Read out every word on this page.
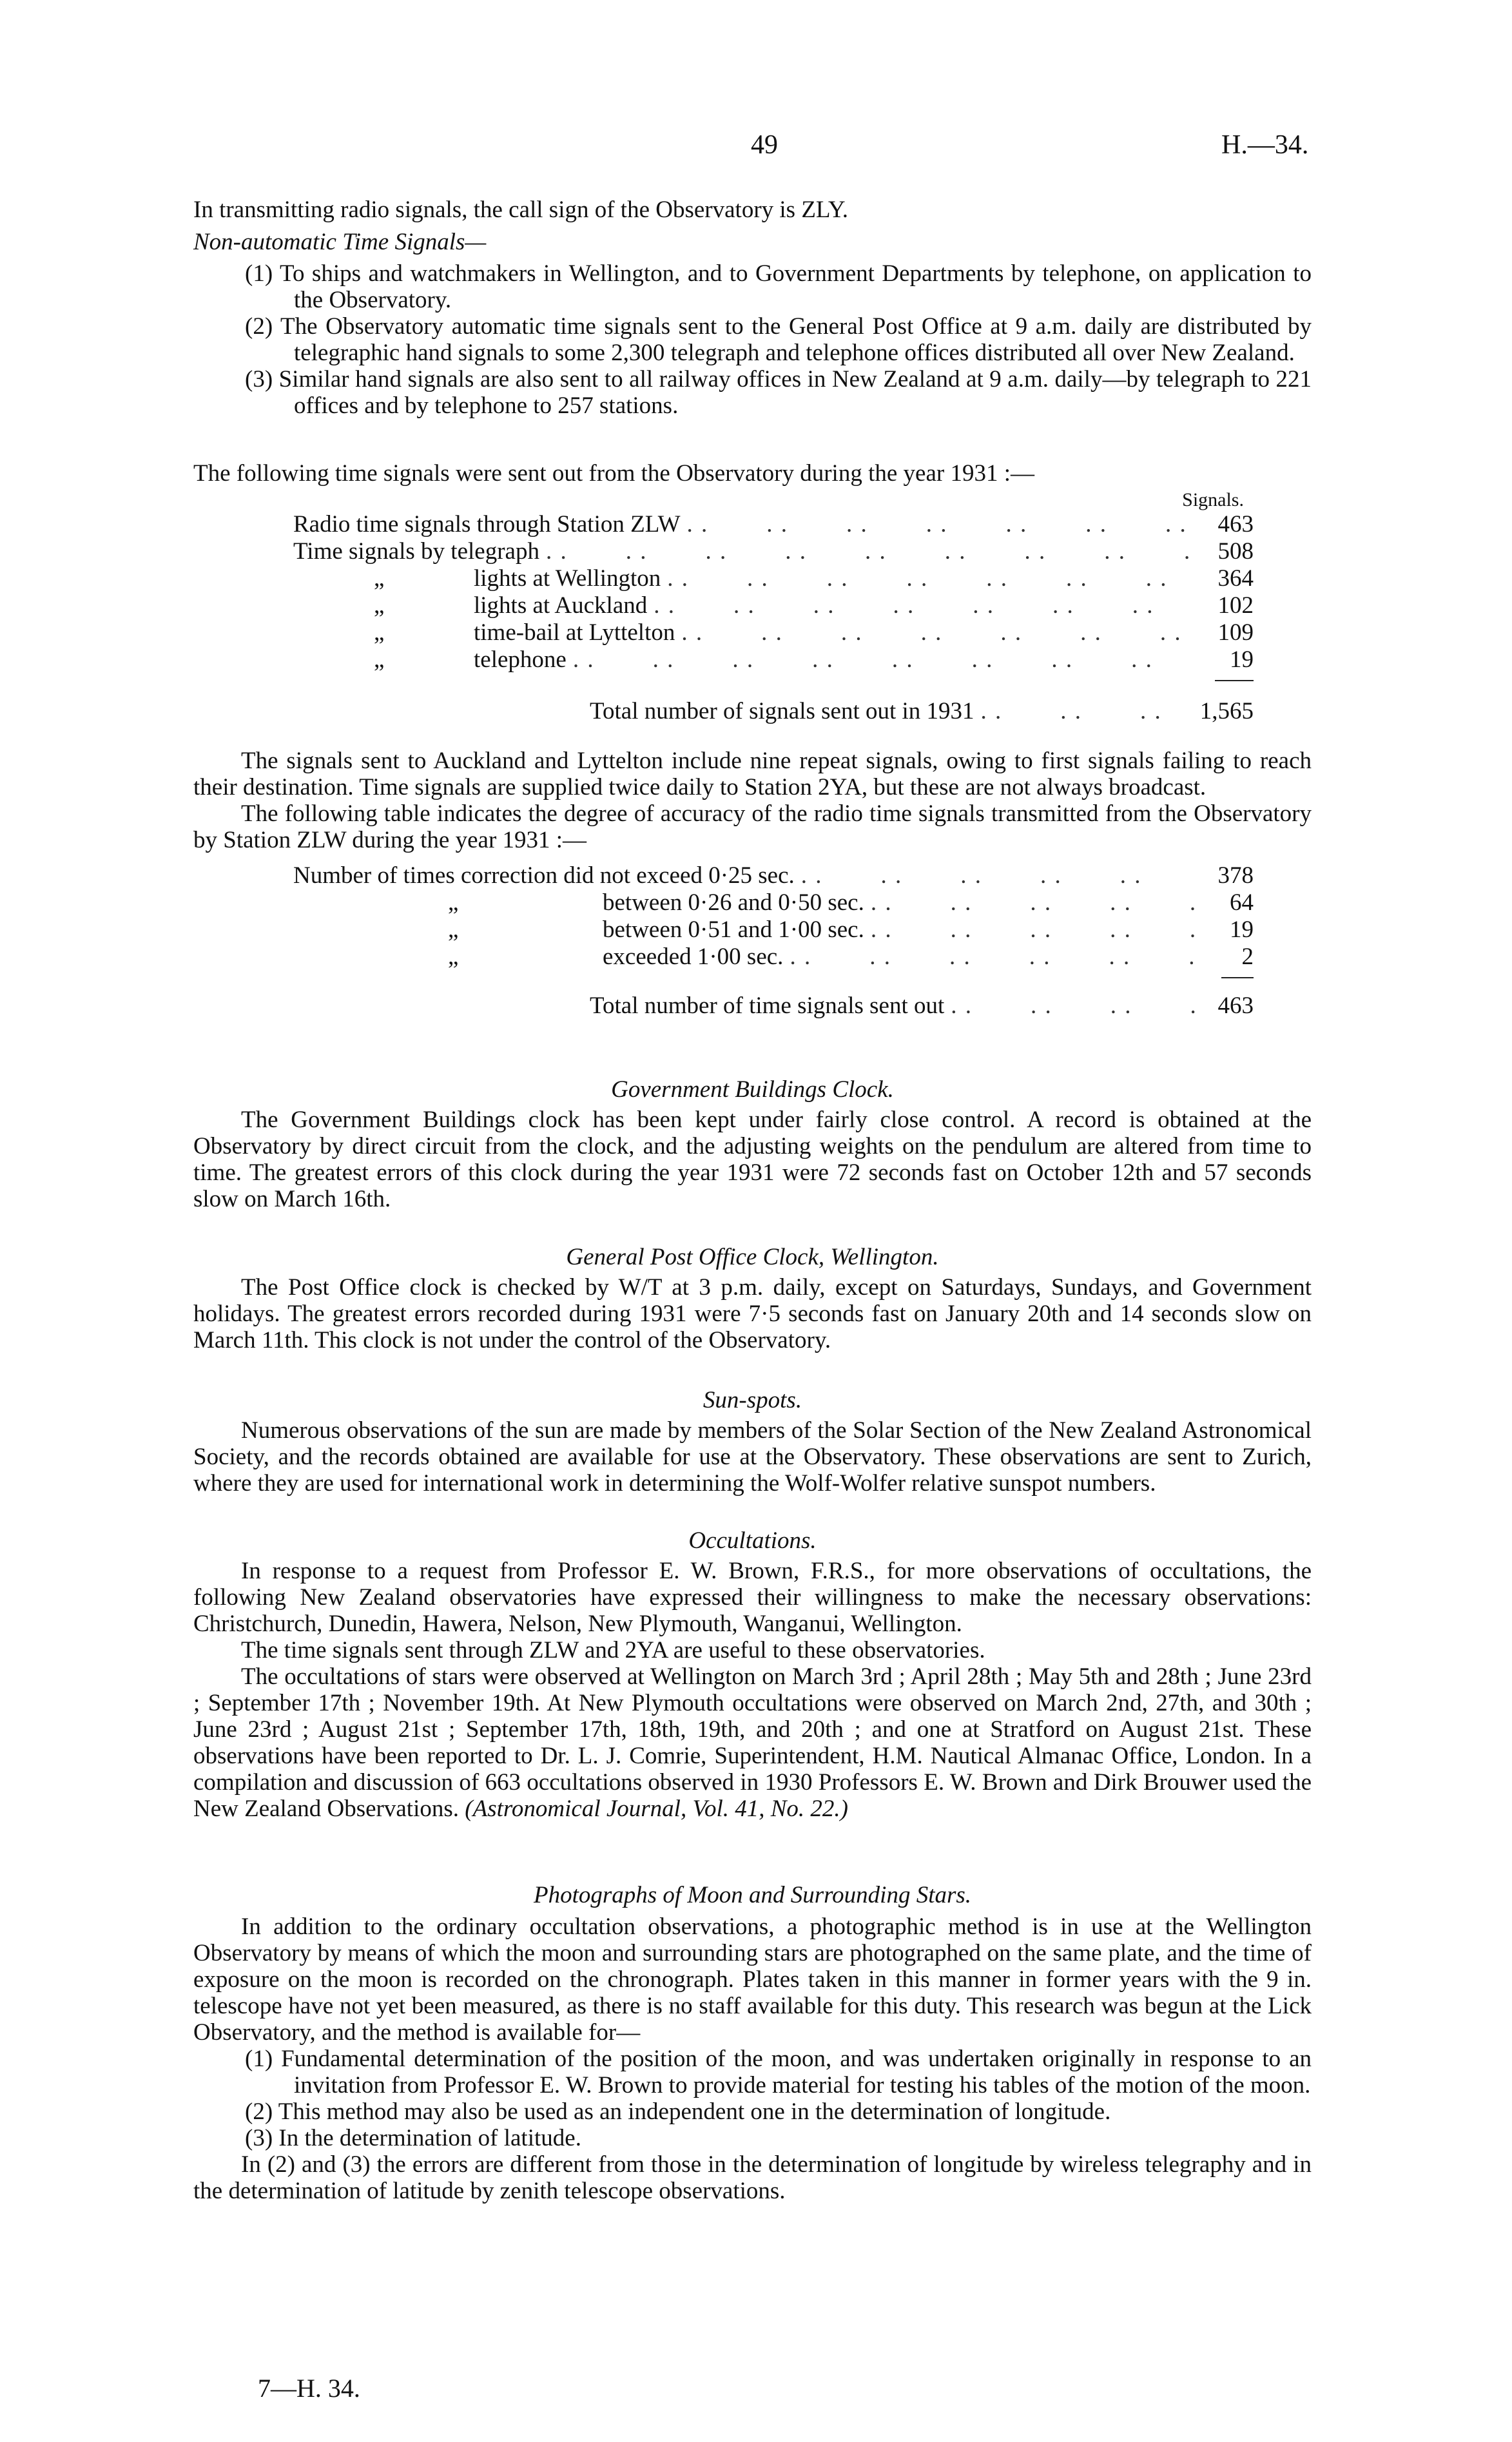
49	H.—34.

In transmitting radio signals, the call sign of the Observatory is ZLY.

Non-automatic Time Signals—

(1) To ships and watchmakers in Wellington, and to Government Departments by telephone, on application to the Observatory.

(2) The Observatory automatic time signals sent to the General Post Office at 9 a.m. daily are distributed by telegraphic hand signals to some 2,300 telegraph and telephone offices distributed all over New Zealand.

(3) Similar hand signals are also sent to all railway offices in New Zealand at 9 a.m. daily—by telegraph to 221 offices and by telephone to 257 stations.

The following time signals were sent out from the Observatory during the year 1931 :—

Signals.
Radio time signals through Station ZLW . .	463
Time signals by telegraph . .	508
„	lights at Wellington . .	364
„	lights at Auckland . .	102
„	time-bail at Lyttelton . .	109
„	telephone . .	19
Total number of signals sent out in 1931 . .	1,565

The signals sent to Auckland and Lyttelton include nine repeat signals, owing to first signals failing to reach their destination. Time signals are supplied twice daily to Station 2YA, but these are not always broadcast.

The following table indicates the degree of accuracy of the radio time signals transmitted from the Observatory by Station ZLW during the year 1931 :—

Number of times correction did not exceed 0·25 sec. . .	378
„	between 0·26 and 0·50 sec. . .	64
„	between 0·51 and 1·00 sec. . .	19
„	exceeded 1·00 sec. . .	2
Total number of time signals sent out . .	463

Government Buildings Clock.

The Government Buildings clock has been kept under fairly close control. A record is obtained at the Observatory by direct circuit from the clock, and the adjusting weights on the pendulum are altered from time to time. The greatest errors of this clock during the year 1931 were 72 seconds fast on October 12th and 57 seconds slow on March 16th.

General Post Office Clock, Wellington.

The Post Office clock is checked by W/T at 3 p.m. daily, except on Saturdays, Sundays, and Government holidays. The greatest errors recorded during 1931 were 7·5 seconds fast on January 20th and 14 seconds slow on March 11th. This clock is not under the control of the Observatory.

Sun-spots.

Numerous observations of the sun are made by members of the Solar Section of the New Zealand Astronomical Society, and the records obtained are available for use at the Observatory. These observations are sent to Zurich, where they are used for international work in determining the Wolf-Wolfer relative sunspot numbers.

Occultations.

In response to a request from Professor E. W. Brown, F.R.S., for more observations of occultations, the following New Zealand observatories have expressed their willingness to make the necessary observations: Christchurch, Dunedin, Hawera, Nelson, New Plymouth, Wanganui, Wellington.

The time signals sent through ZLW and 2YA are useful to these observatories.

The occultations of stars were observed at Wellington on March 3rd ; April 28th ; May 5th and 28th ; June 23rd ; September 17th ; November 19th. At New Plymouth occultations were observed on March 2nd, 27th, and 30th ; June 23rd ; August 21st ; September 17th, 18th, 19th, and 20th ; and one at Stratford on August 21st. These observations have been reported to Dr. L. J. Comrie, Superintendent, H.M. Nautical Almanac Office, London. In a compilation and discussion of 663 occultations observed in 1930 Professors E. W. Brown and Dirk Brouwer used the New Zealand Observations. (Astronomical Journal, Vol. 41, No. 22.)

Photographs of Moon and Surrounding Stars.

In addition to the ordinary occultation observations, a photographic method is in use at the Wellington Observatory by means of which the moon and surrounding stars are photographed on the same plate, and the time of exposure on the moon is recorded on the chronograph. Plates taken in this manner in former years with the 9 in. telescope have not yet been measured, as there is no staff available for this duty. This research was begun at the Lick Observatory, and the method is available for—

(1) Fundamental determination of the position of the moon, and was undertaken originally in response to an invitation from Professor E. W. Brown to provide material for testing his tables of the motion of the moon.

(2) This method may also be used as an independent one in the determination of longitude.

(3) In the determination of latitude.

In (2) and (3) the errors are different from those in the determination of longitude by wireless telegraphy and in the determination of latitude by zenith telescope observations.

7—H. 34.
